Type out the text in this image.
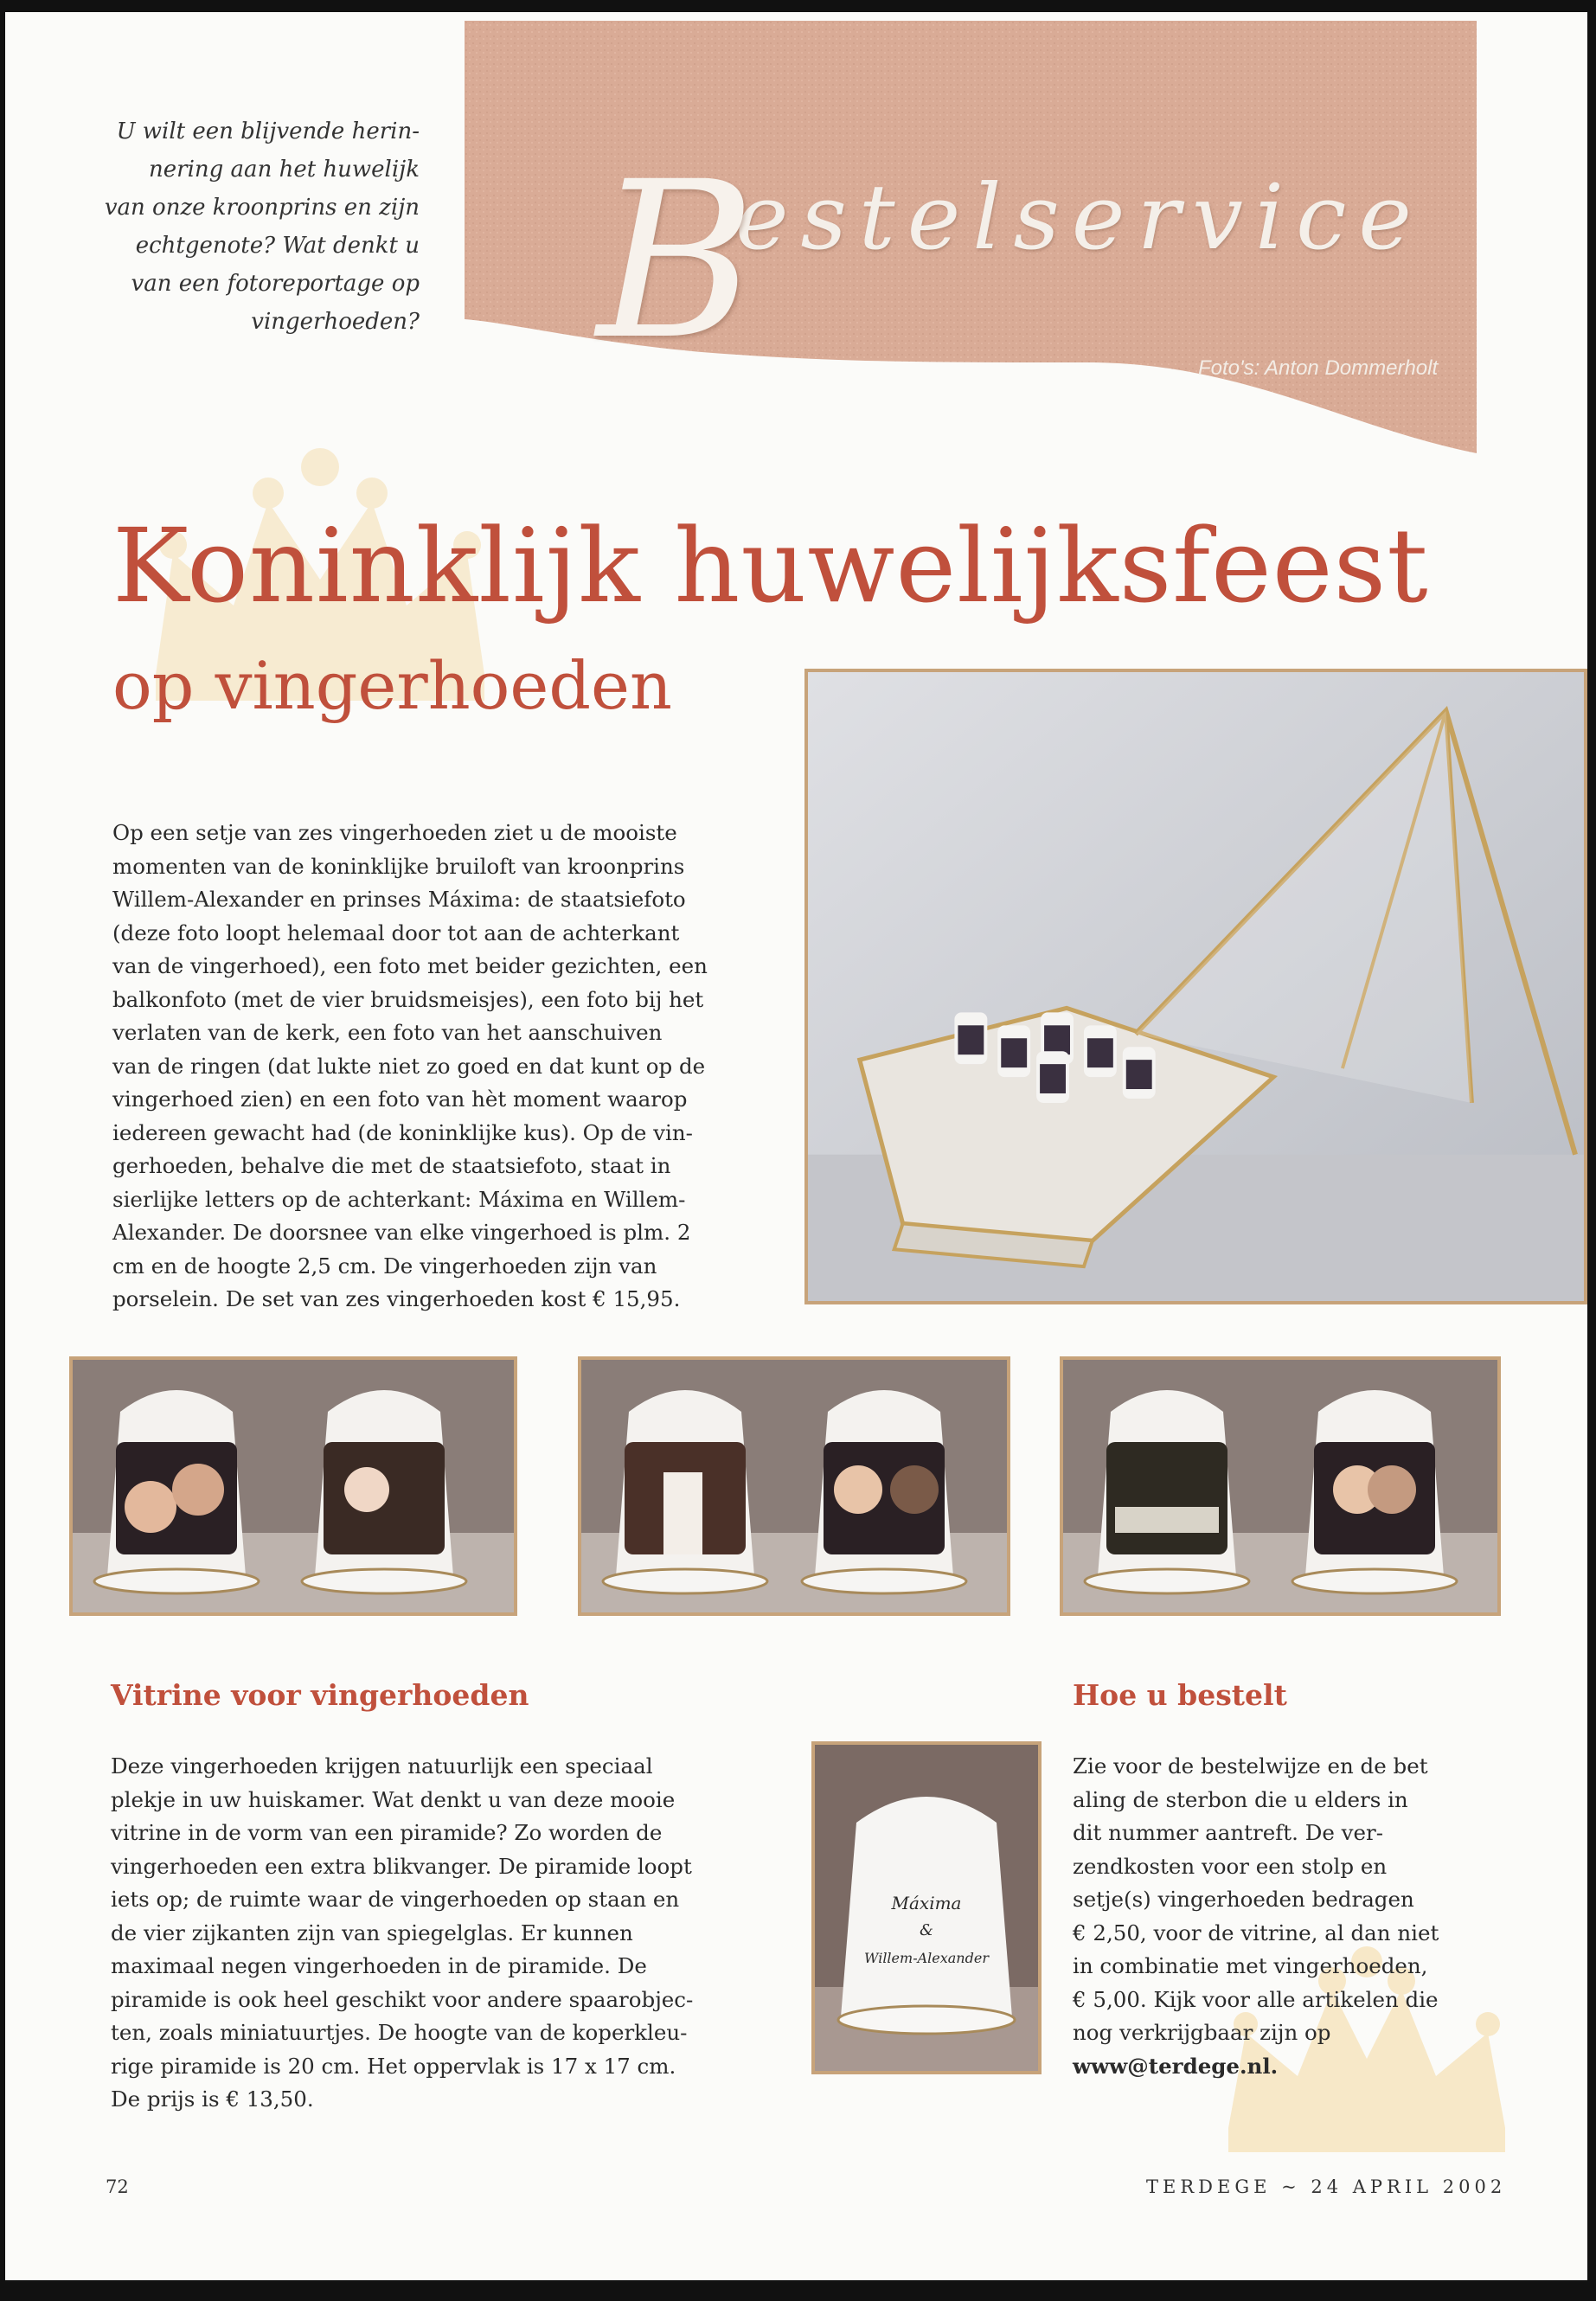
U wilt een blijvende herin-
nering aan het huwelijk
van onze kroonprins en zijn
echtgenote? Wat denkt u
van een fotoreportage op
vingerhoeden? B
estelservice
Foto's: Anton Dommerholt
Koninklijk huwelijksfeest
op vingerhoeden
Op een setje van zes vingerhoeden ziet u de mooiste
momenten van de koninklijke bruiloft van kroonprins
Willem-Alexander en prinses Máxima: de staatsiefoto
(deze foto loopt helemaal door tot aan de achterkant
van de vingerhoed), een foto met beider gezichten, een
balkonfoto (met de vier bruidsmeisjes), een foto bij het
verlaten van de kerk, een foto van het aanschuiven
van de ringen (dat lukte niet zo goed en dat kunt op de
vingerhoed zien) en een foto van hèt moment waarop
iedereen gewacht had (de koninklijke kus). Op de vin-
gerhoeden, behalve die met de staatsiefoto, staat in
sierlijke letters op de achterkant: Máxima en Willem-
Alexander. De doorsnee van elke vingerhoed is plm. 2
cm en de hoogte 2,5 cm. De vingerhoeden zijn van
porselein. De set van zes vingerhoeden kost € 15,95.
Vitrine voor vingerhoeden
Deze vingerhoeden krijgen natuurlijk een speciaal
plekje in uw huiskamer. Wat denkt u van deze mooie
vitrine in de vorm van een piramide? Zo worden de
vingerhoeden een extra blikvanger. De piramide loopt
iets op; de ruimte waar de vingerhoeden op staan en
de vier zijkanten zijn van spiegelglas. Er kunnen
maximaal negen vingerhoeden in de piramide. De
piramide is ook heel geschikt voor andere spaarobjec-
ten, zoals miniatuurtjes. De hoogte van de koperkleu-
rige piramide is 20 cm. Het oppervlak is 17 x 17 cm.
De prijs is € 13,50.
Máxima
&
Willem-Alexander
Hoe u bestelt
Zie voor de bestelwijze en de bet
aling de sterbon die u elders in
dit nummer aantreft. De ver-
zendkosten voor een stolp en
setje(s) vingerhoeden bedragen
€ 2,50, voor de vitrine, al dan niet
in combinatie met vingerhoeden,
€ 5,00. Kijk voor alle artikelen die
nog verkrijgbaar zijn op
www@terdege.nl.
72	TERDEGE ~ 24 APRIL 2002
